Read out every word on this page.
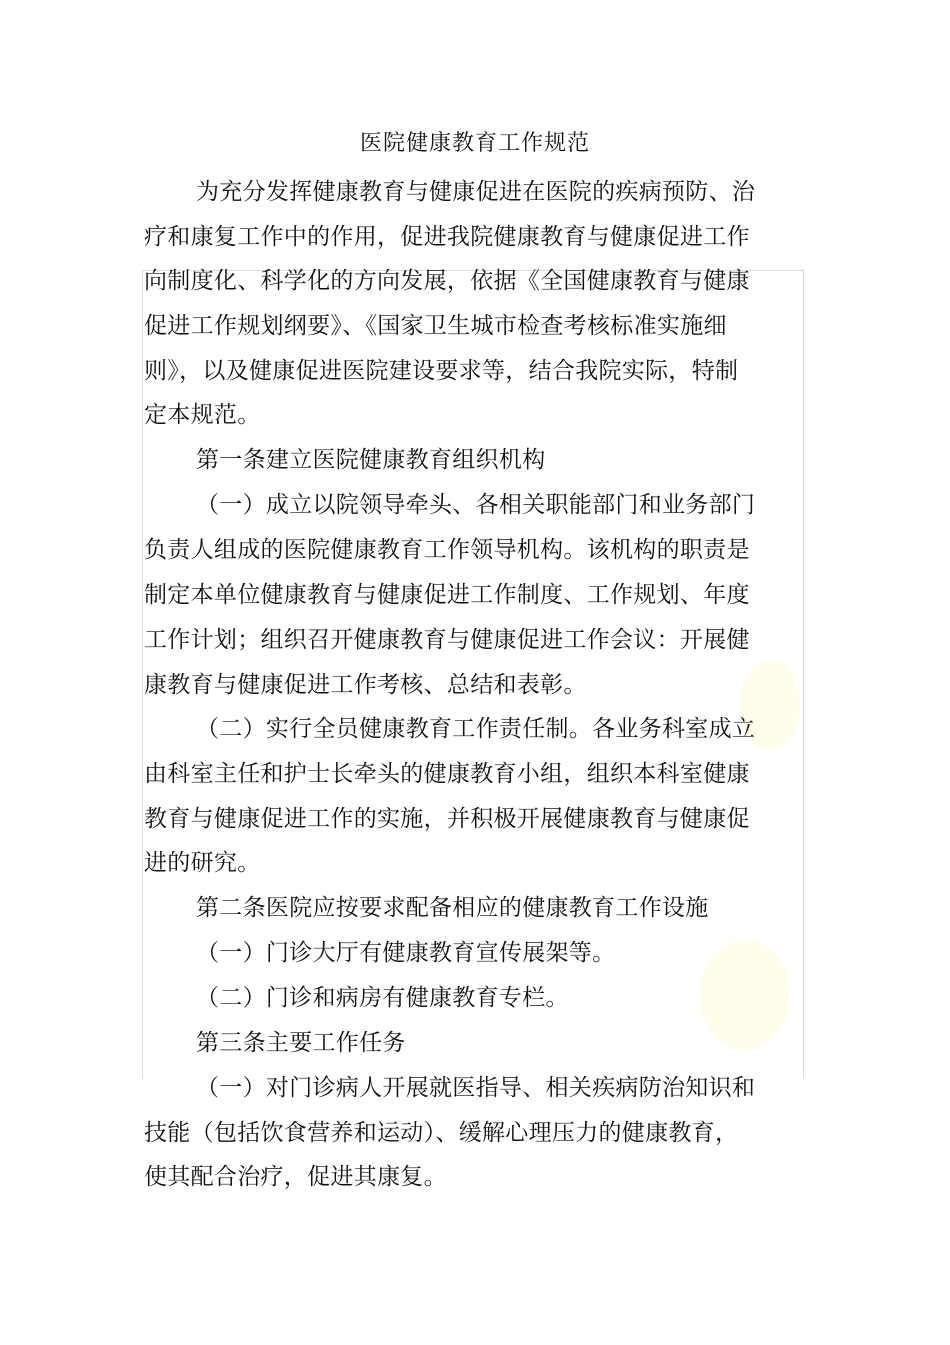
医院健康教育工作规范
为充分发挥健康教育与健康促进在医院的疾病预防、治
疗和康复工作中的作用，促进我院健康教育与健康促进工作
向制度化、科学化的方向发展，依据《全国健康教育与健康
促进工作规划纲要》、《国家卫生城市检查考核标准实施细
则》，以及健康促进医院建设要求等，结合我院实际，特制
定本规范。
第一条建立医院健康教育组织机构
（一）成立以院领导牵头、各相关职能部门和业务部门
负责人组成的医院健康教育工作领导机构。该机构的职责是
制定本单位健康教育与健康促进工作制度、工作规划、年度
工作计划；组织召开健康教育与健康促进工作会议：开展健
康教育与健康促进工作考核、总结和表彰。
（二）实行全员健康教育工作责任制。各业务科室成立
由科室主任和护士长牵头的健康教育小组，组织本科室健康
教育与健康促进工作的实施，并积极开展健康教育与健康促
进的研究。
第二条医院应按要求配备相应的健康教育工作设施
（一）门诊大厅有健康教育宣传展架等。
（二）门诊和病房有健康教育专栏。
第三条主要工作任务
（一）对门诊病人开展就医指导、相关疾病防治知识和
技能（包括饮食营养和运动）、缓解心理压力的健康教育，
使其配合治疗，促进其康复。
